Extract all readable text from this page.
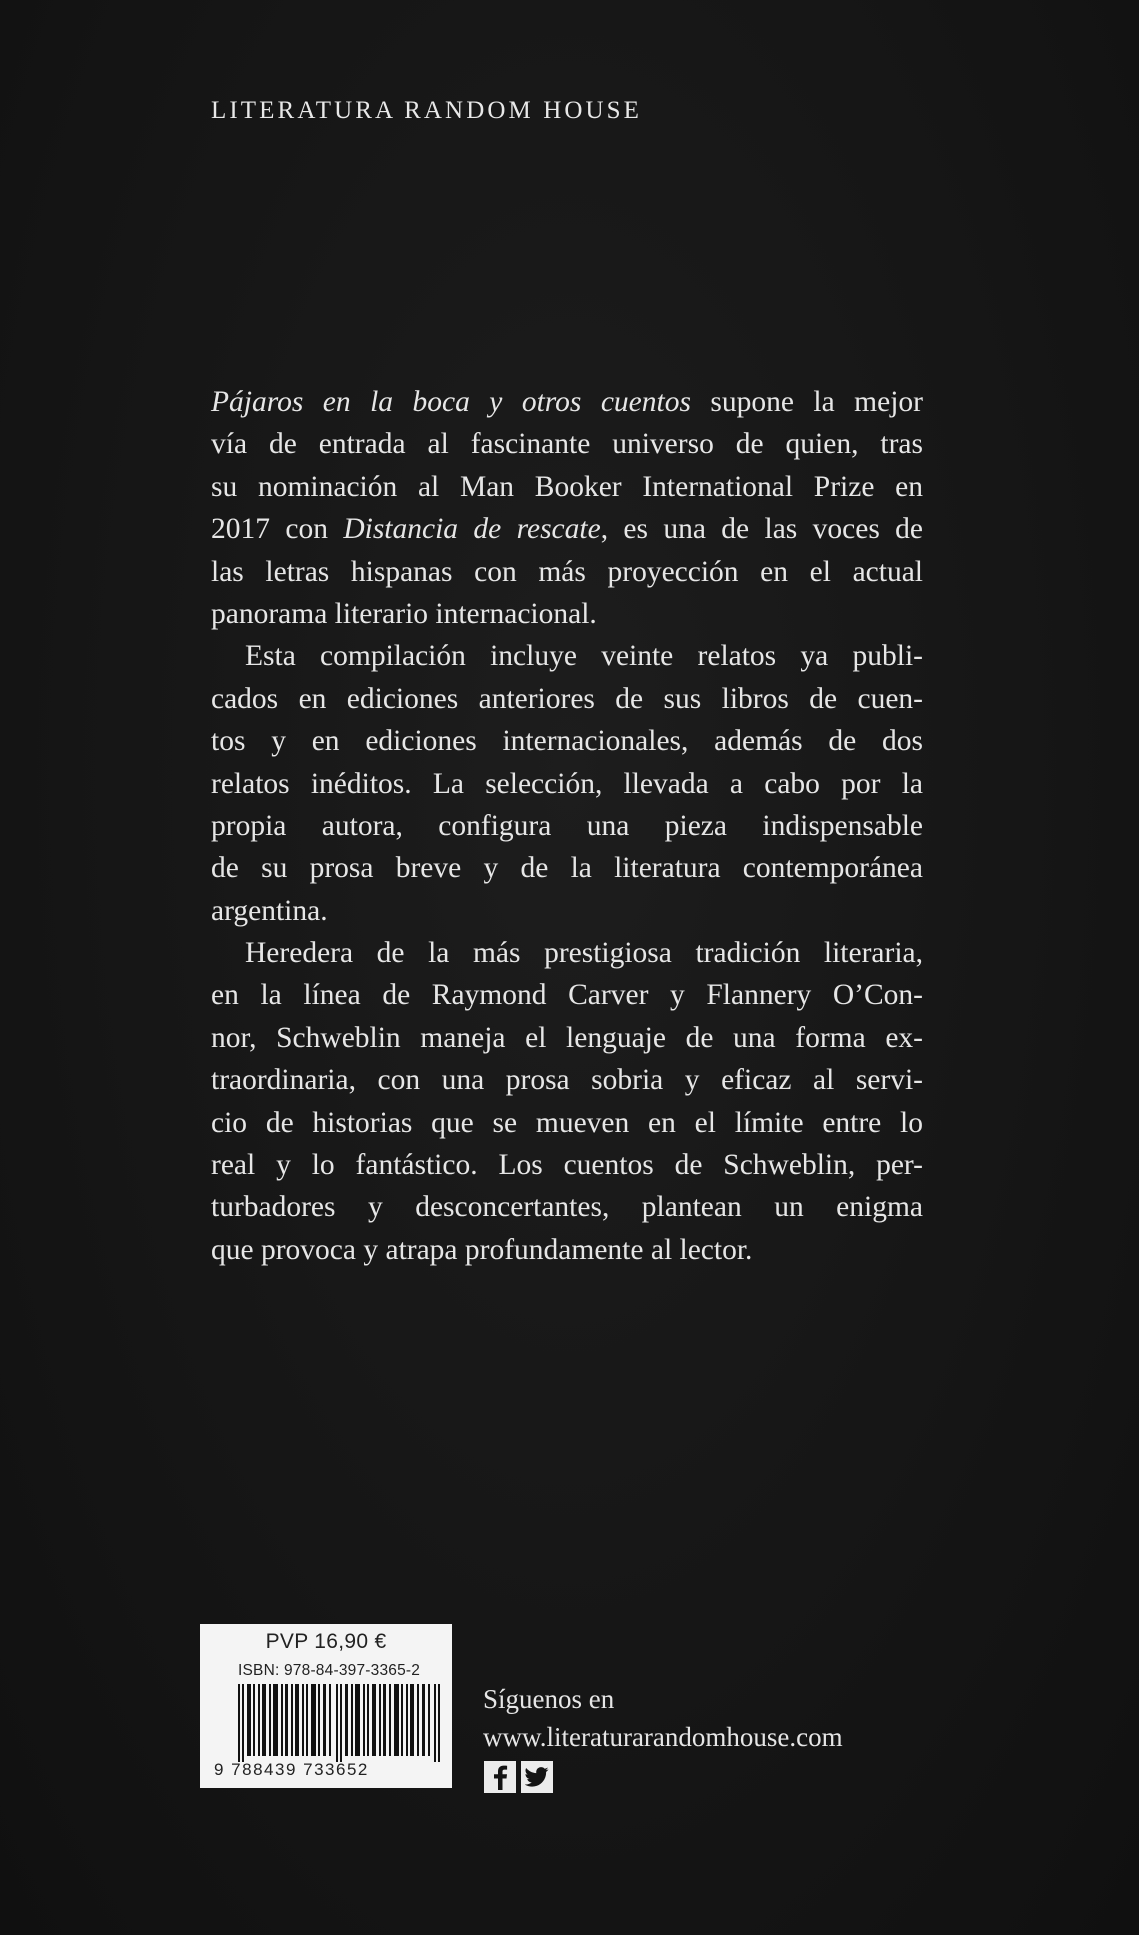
LITERATURA RANDOM HOUSE
Pájaros en la boca y otros cuentos supone la mejor
vía de entrada al fascinante universo de quien, tras
su nominación al Man Booker International Prize en
2017 con Distancia de rescate, es una de las voces de
las letras hispanas con más proyección en el actual
panorama literario internacional.
Esta compilación incluye veinte relatos ya publi-
cados en ediciones anteriores de sus libros de cuen-
tos y en ediciones internacionales, además de dos
relatos inéditos. La selección, llevada a cabo por la
propia autora, configura una pieza indispensable
de su prosa breve y de la literatura contemporánea
argentina.
Heredera de la más prestigiosa tradición literaria,
en la línea de Raymond Carver y Flannery O’Con-
nor, Schweblin maneja el lenguaje de una forma ex-
traordinaria, con una prosa sobria y eficaz al servi-
cio de historias que se mueven en el límite entre lo
real y lo fantástico. Los cuentos de Schweblin, per-
turbadores y desconcertantes, plantean un enigma
que provoca y atrapa profundamente al lector.
PVP 16,90 €
ISBN: 978-84-397-3365-2
9 788439 733652
Síguenos en
www.literaturarandomhouse.com
